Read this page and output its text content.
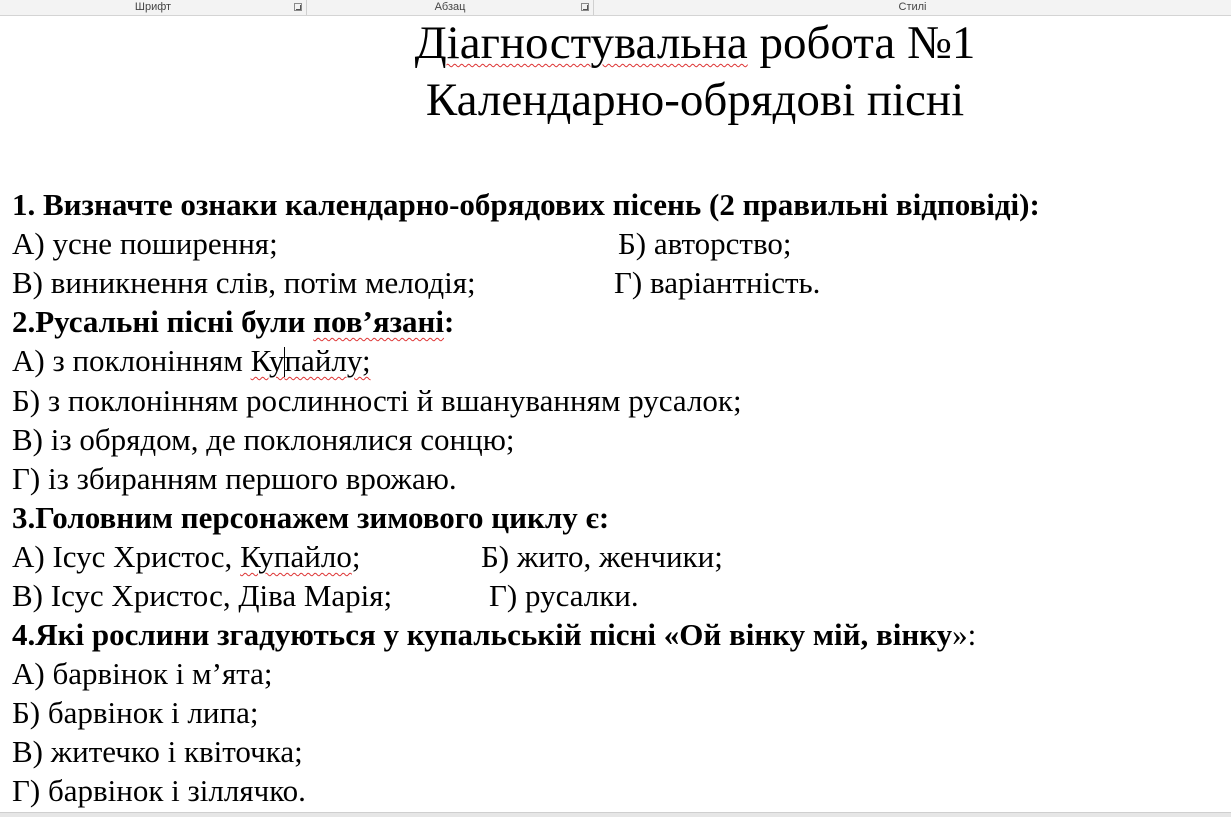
Шрифт	Абзац	Стилі
Діагностувальна робота №1
Календарно-обрядові пісні
1. Визначте ознаки календарно-обрядових пісень (2 правильні відповіді):
А) усне поширення;	Б) авторство;
В) виникнення слів, потім мелодія;	Г) варіантність.
2.Русальні пісні були пов’язані:
А) з поклонінням Купайлу;
Б) з поклонінням рослинності й вшануванням русалок;
В) із обрядом, де поклонялися сонцю;
Г) із збиранням першого врожаю.
3.Головним персонажем зимового циклу є:
А) Ісус Христос, Купайло;	Б) жито, женчики;
В) Ісус Христос, Діва Марія;	Г) русалки.
4.Які рослини згадуються у купальській пісні «Ой вінку мій, вінку»:
А) барвінок і м’ята;
Б) барвінок і липа;
В) житечко і квіточка;
Г) барвінок і зіллячко.
